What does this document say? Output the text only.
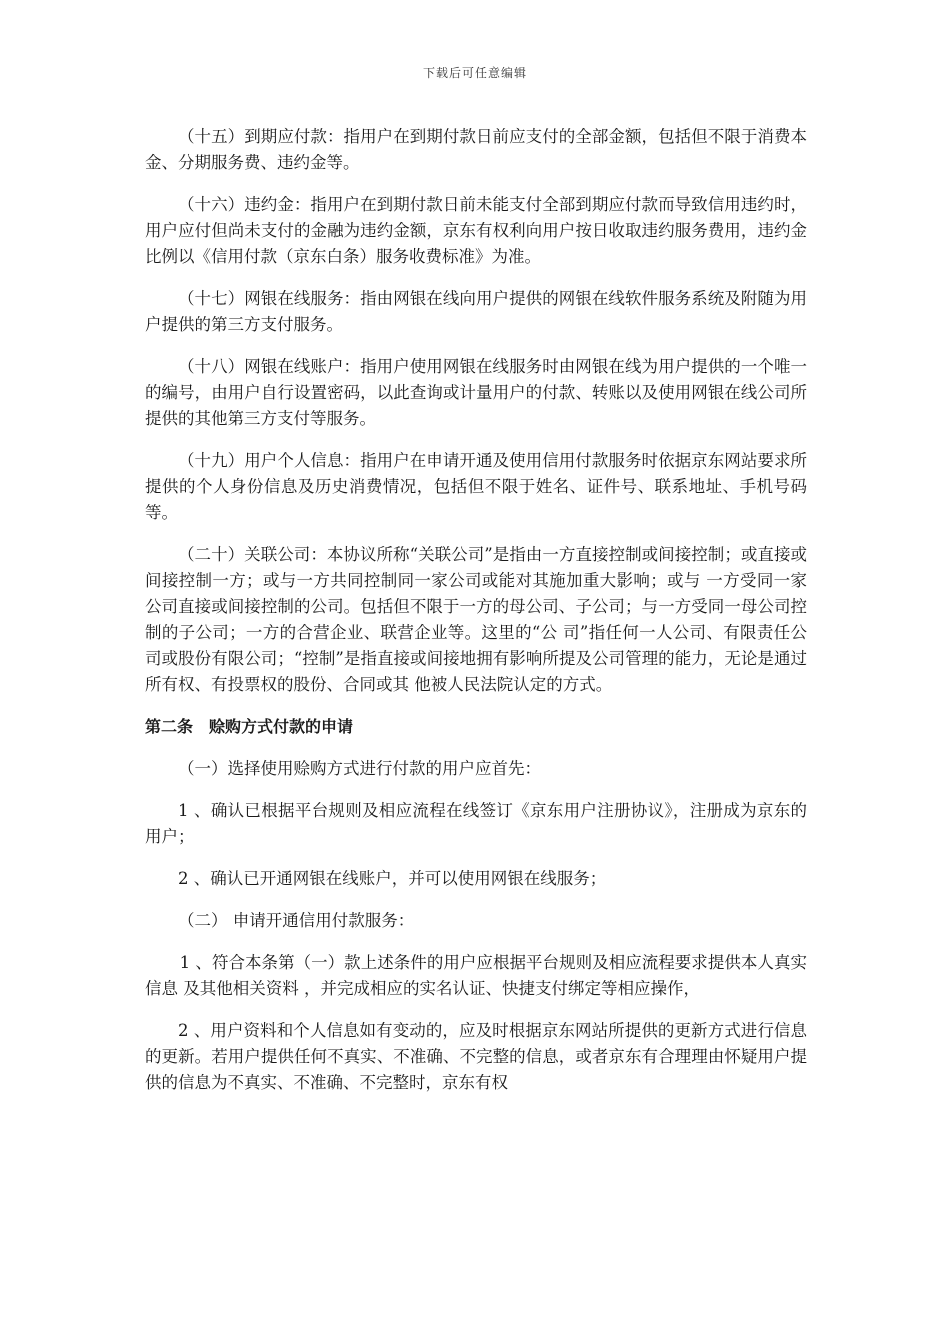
下载后可任意编辑

（十五）到期应付款：指用户在到期付款日前应支付的全部金额，包括但不限于消费本金、分期服务费、违约金等。

（十六）违约金：指用户在到期付款日前未能支付全部到期应付款而导致信用违约时，用户应付但尚未支付的金融为违约金额，京东有权利向用户按日收取违约服务费用，违约金比例以《信用付款（京东白条）服务收费标准》为准。

（十七）网银在线服务：指由网银在线向用户提供的网银在线软件服务系统及附随为用户提供的第三方支付服务。

（十八）网银在线账户：指用户使用网银在线服务时由网银在线为用户提供的一个唯一的编号，由用户自行设置密码，以此查询或计量用户的付款、转账以及使用网银在线公司所提供的其他第三方支付等服务。

（十九）用户个人信息：指用户在申请开通及使用信用付款服务时依据京东网站要求所提供的个人身份信息及历史消费情况，包括但不限于姓名、证件号、联系地址、手机号码等。

（二十）关联公司：本协议所称“关联公司”是指由一方直接控制或间接控制；或直接或间接控制一方；或与一方共同控制同一家公司或能对其施加重大影响；或与 一方受同一家公司直接或间接控制的公司。包括但不限于一方的母公司、子公司；与一方受同一母公司控制的子公司；一方的合营企业、联营企业等。这里的“公 司”指任何一人公司、有限责任公司或股份有限公司；“控制”是指直接或间接地拥有影响所提及公司管理的能力，无论是通过所有权、有投票权的股份、合同或其 他被人民法院认定的方式。

第二条　赊购方式付款的申请

（一）选择使用赊购方式进行付款的用户应首先：

1 、确认已根据平台规则及相应流程在线签订《京东用户注册协议》，注册成为京东的用户；

2 、确认已开通网银在线账户，并可以使用网银在线服务；

（二） 申请开通信用付款服务：

1 、符合本条第（一）款上述条件的用户应根据平台规则及相应流程要求提供本人真实信息 及其他相关资料 ，并完成相应的实名认证、快捷支付绑定等相应操作，

2 、用户资料和个人信息如有变动的，应及时根据京东网站所提供的更新方式进行信息的更新。若用户提供任何不真实、不准确、不完整的信息，或者京东有合理理由怀疑用户提供的信息为不真实、不准确、不完整时，京东有权
